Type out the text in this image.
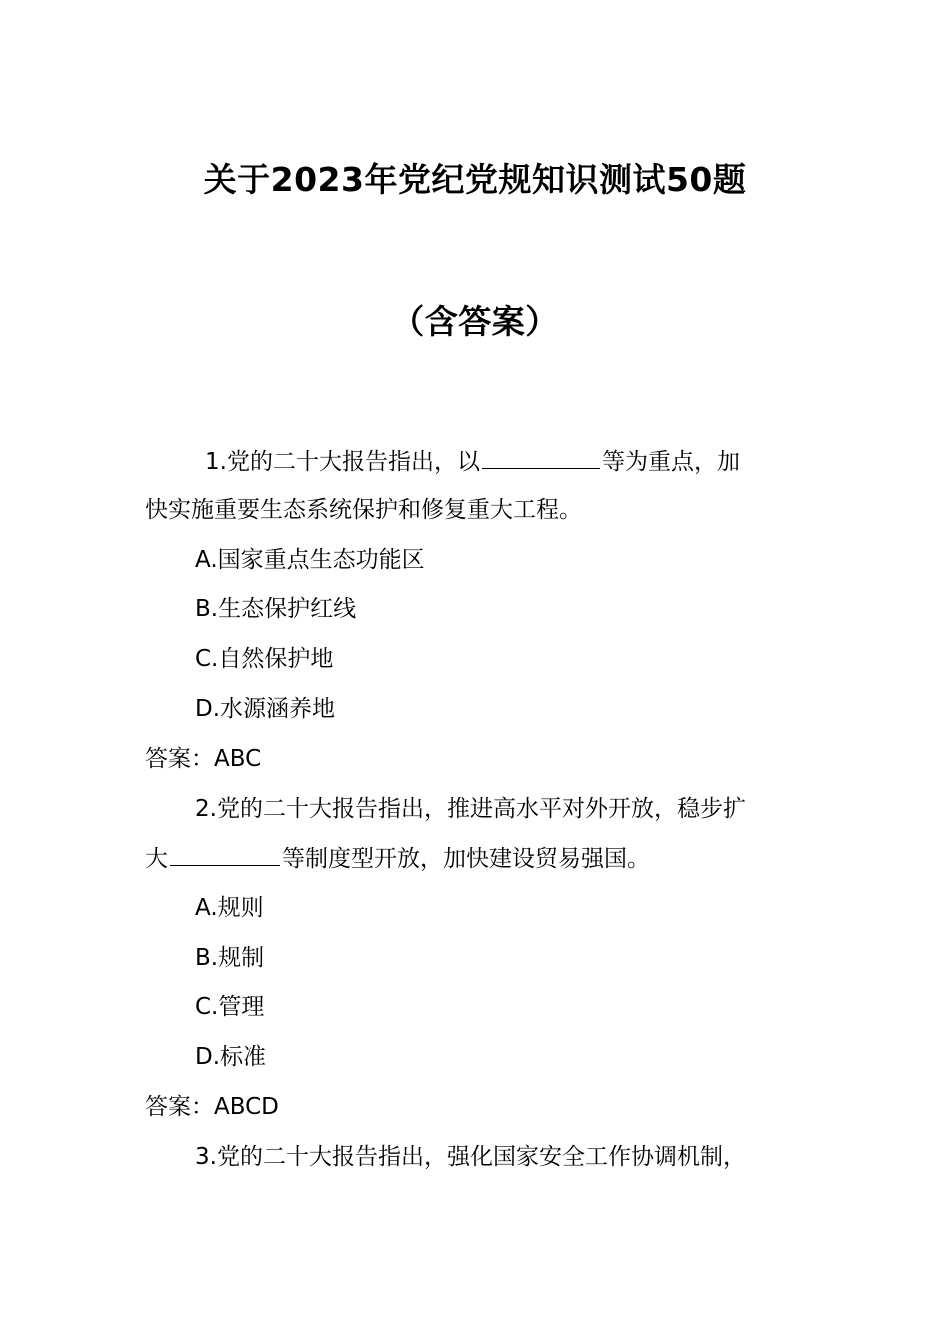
关于2023年党纪党规知识测试50题
（含答案）
1.党的二十大报告指出，以	等为重点，加
快实施重要生态系统保护和修复重大工程。
A.国家重点生态功能区
B.生态保护红线
C.自然保护地
D.水源涵养地
答案：ABC
2.党的二十大报告指出，推进高水平对外开放，稳步扩
大	等制度型开放，加快建设贸易强国。
A.规则
B.规制
C.管理
D.标准
答案：ABCD
3.党的二十大报告指出，强化国家安全工作协调机制，
